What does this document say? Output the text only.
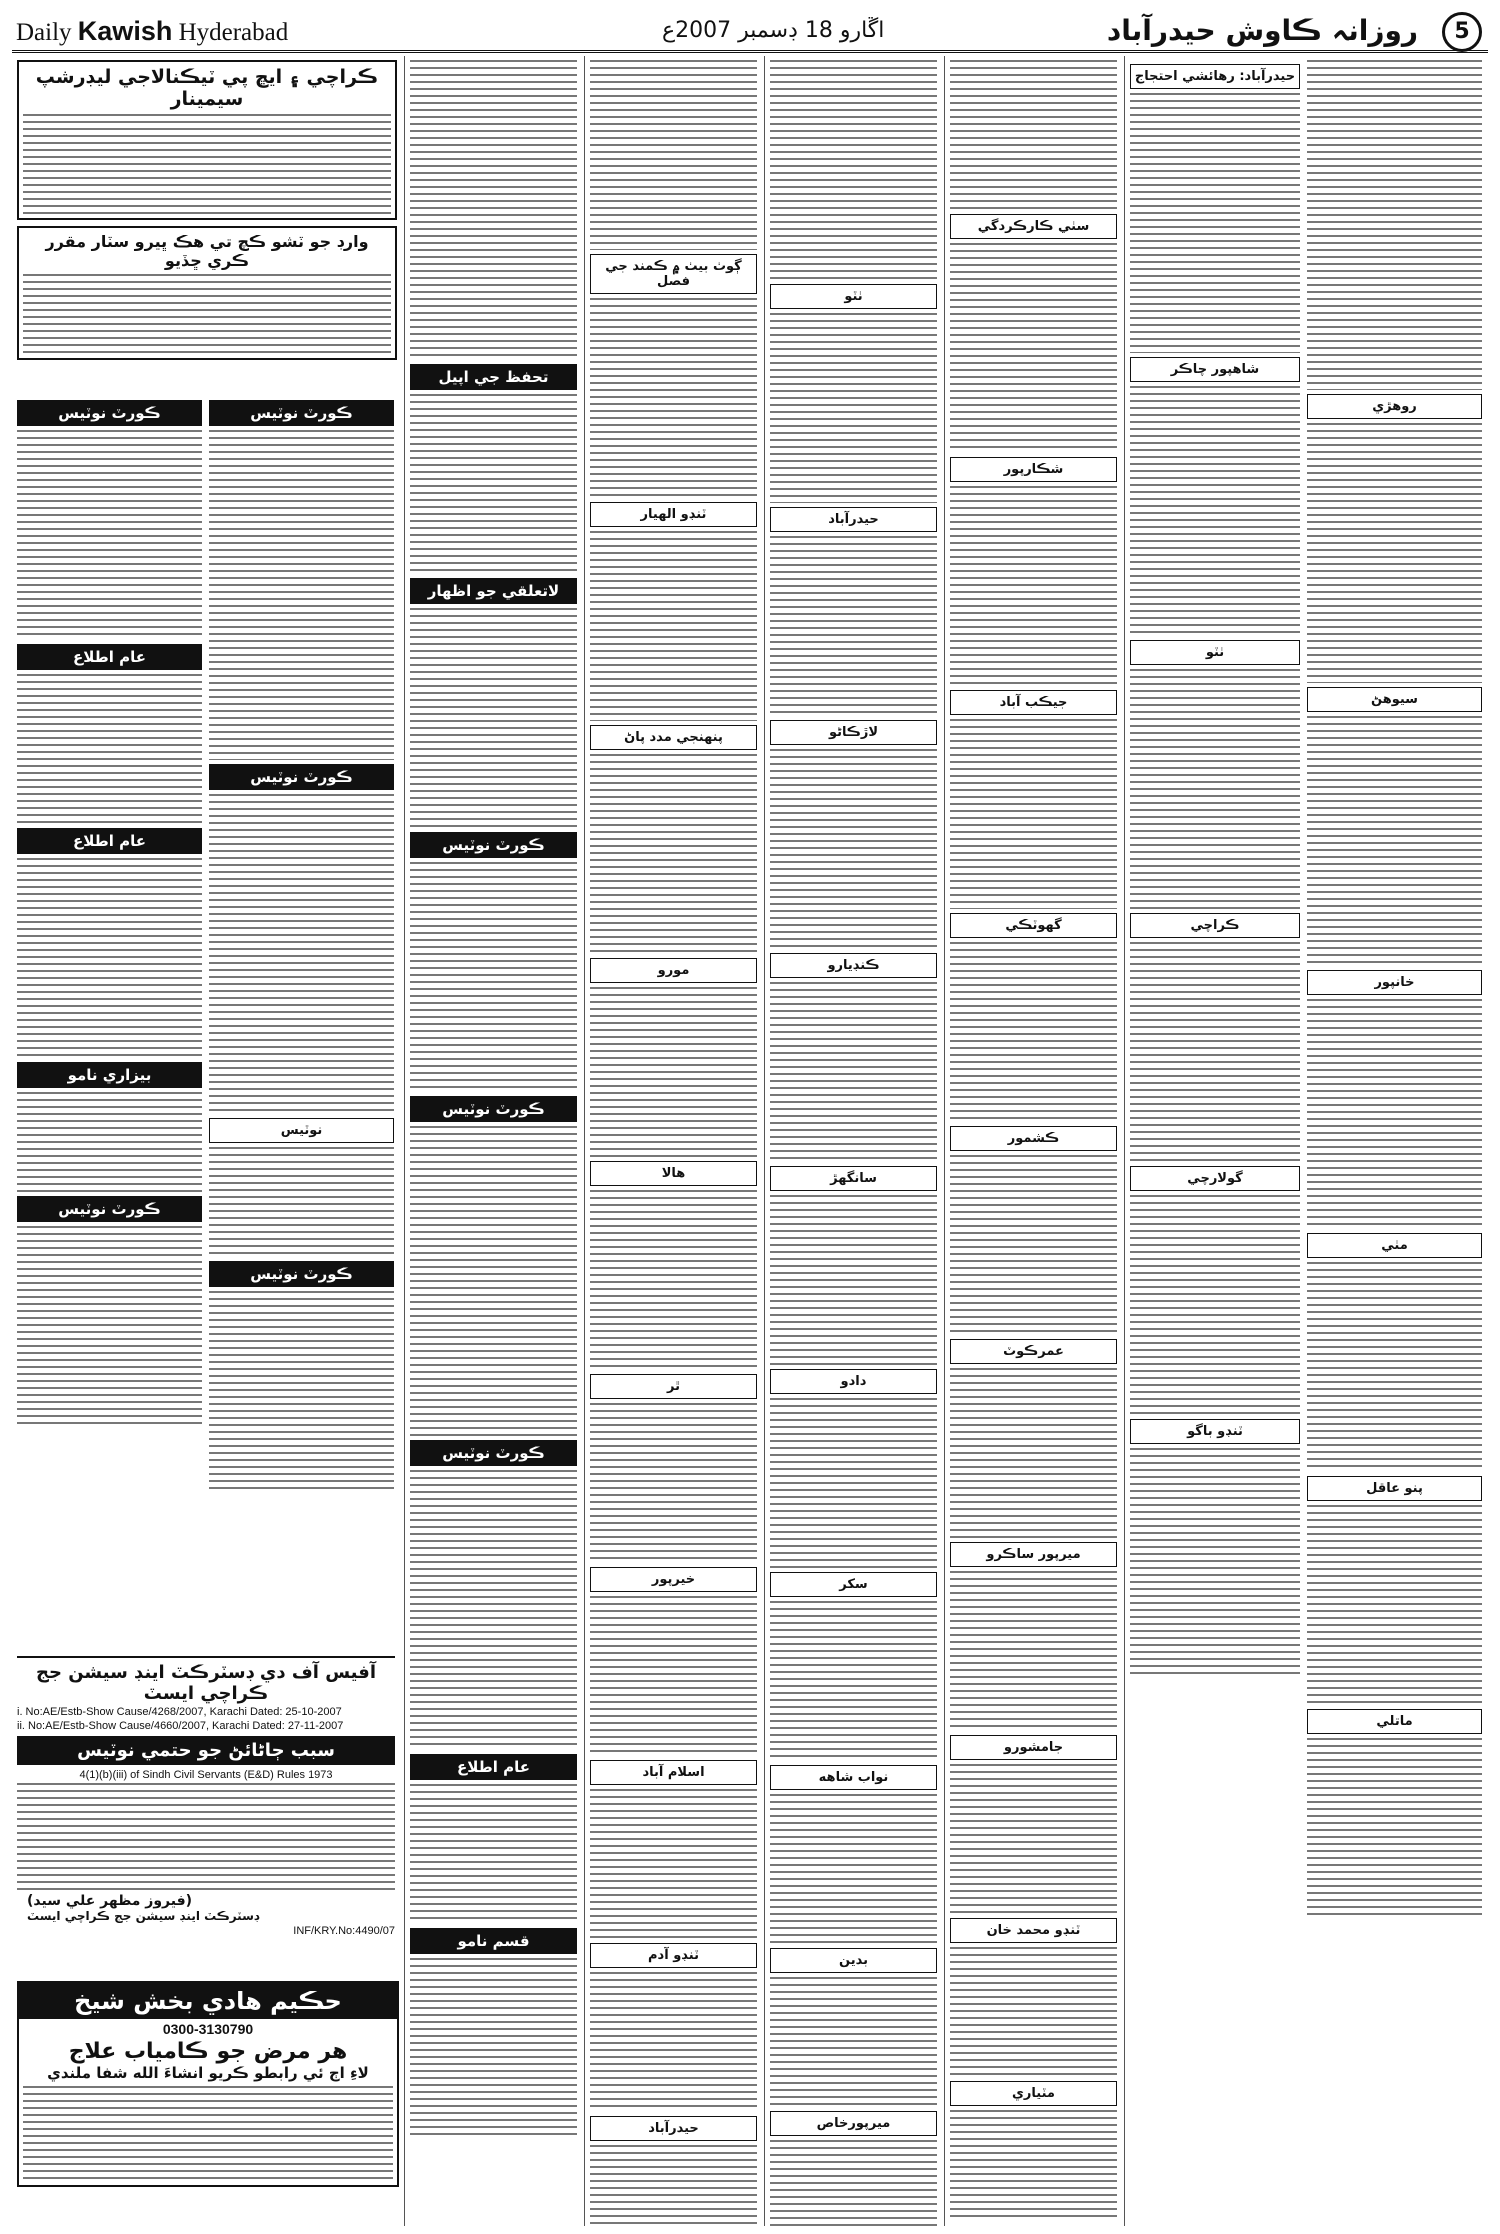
Daily Kawish Hyderabad	اڱارو 18 ڊسمبر 2007ع	روزانہ ڪاوش حيدرآباد	5
ڪراچي ۽ ايڇ پي ٽيڪنالاجي ليڊرشپ سيمينار
وارڊ جو ٽشو ڪچ تي هڪ ڀيرو سٽار مقرر ڪري ڇڏيو
ڪورٽ نوٽيس
عام اطلاع
عام اطلاع
بيزاري نامو
ڪورٽ نوٽيس
ڪورٽ نوٽيس
ڪورٽ نوٽيس
نوٽيس
ڪورٽ نوٽيس
آفيس آف دي ڊسٽرڪٽ اينڊ سيشن جج ڪراچي ايسٽ
i. No:AE/Estb-Show Cause/4268/2007, Karachi Dated: 25-10-2007
ii. No:AE/Estb-Show Cause/4660/2007, Karachi Dated: 27-11-2007
سبب ڄاڻائڻ جو حتمي نوٽيس
4(1)(b)(iii) of Sindh Civil Servants (E&D) Rules 1973
(فيروز مظهر علي سيد)
ڊسٽرڪٽ اينڊ سيشن جج ڪراچي ايسٽ
INF/KRY.No:4490/07
حڪيم هادي بخش شيخ
0300-3130790
هر مرض جو ڪامياب علاج
لاءِ اڄ ئي رابطو ڪريو انشاءَ الله شفا ملندي
تحفظ جي اپيل
لاتعلقي جو اظهار
ڪورٽ نوٽيس
ڪورٽ نوٽيس
ڪورٽ نوٽيس
عام اطلاع
قسم نامو
ڳوٺ بيٺ ۾ ڪمند جي فصل
ٽنڊو الهيار
پنهنجي مدد پاڻ
مورو
هالا
ٿر
خيرپور
اسلام آباد
ٽنڊو آدم
حيدرآباد
ٺٽو
حيدرآباد
لاڙڪاڻو
ڪنڊيارو
سانگهڙ
دادو
سکر
نواب شاهه
بدين
ميرپورخاص
سٺي ڪارڪردگي
شڪارپور
جيڪب آباد
گهوٽڪي
ڪشمور
عمرڪوٽ
ميرپور ساڪرو
جامشورو
ٽنڊو محمد خان
مٽياري
حيدرآباد: رهائشي احتجاج
شاهپور چاڪر
ٺٽو
ڪراچي
گولارچي
ٽنڊو باگو
روهڙي
سيوهڻ
خانپور
مٺي
پنو عاقل
ماتلي
